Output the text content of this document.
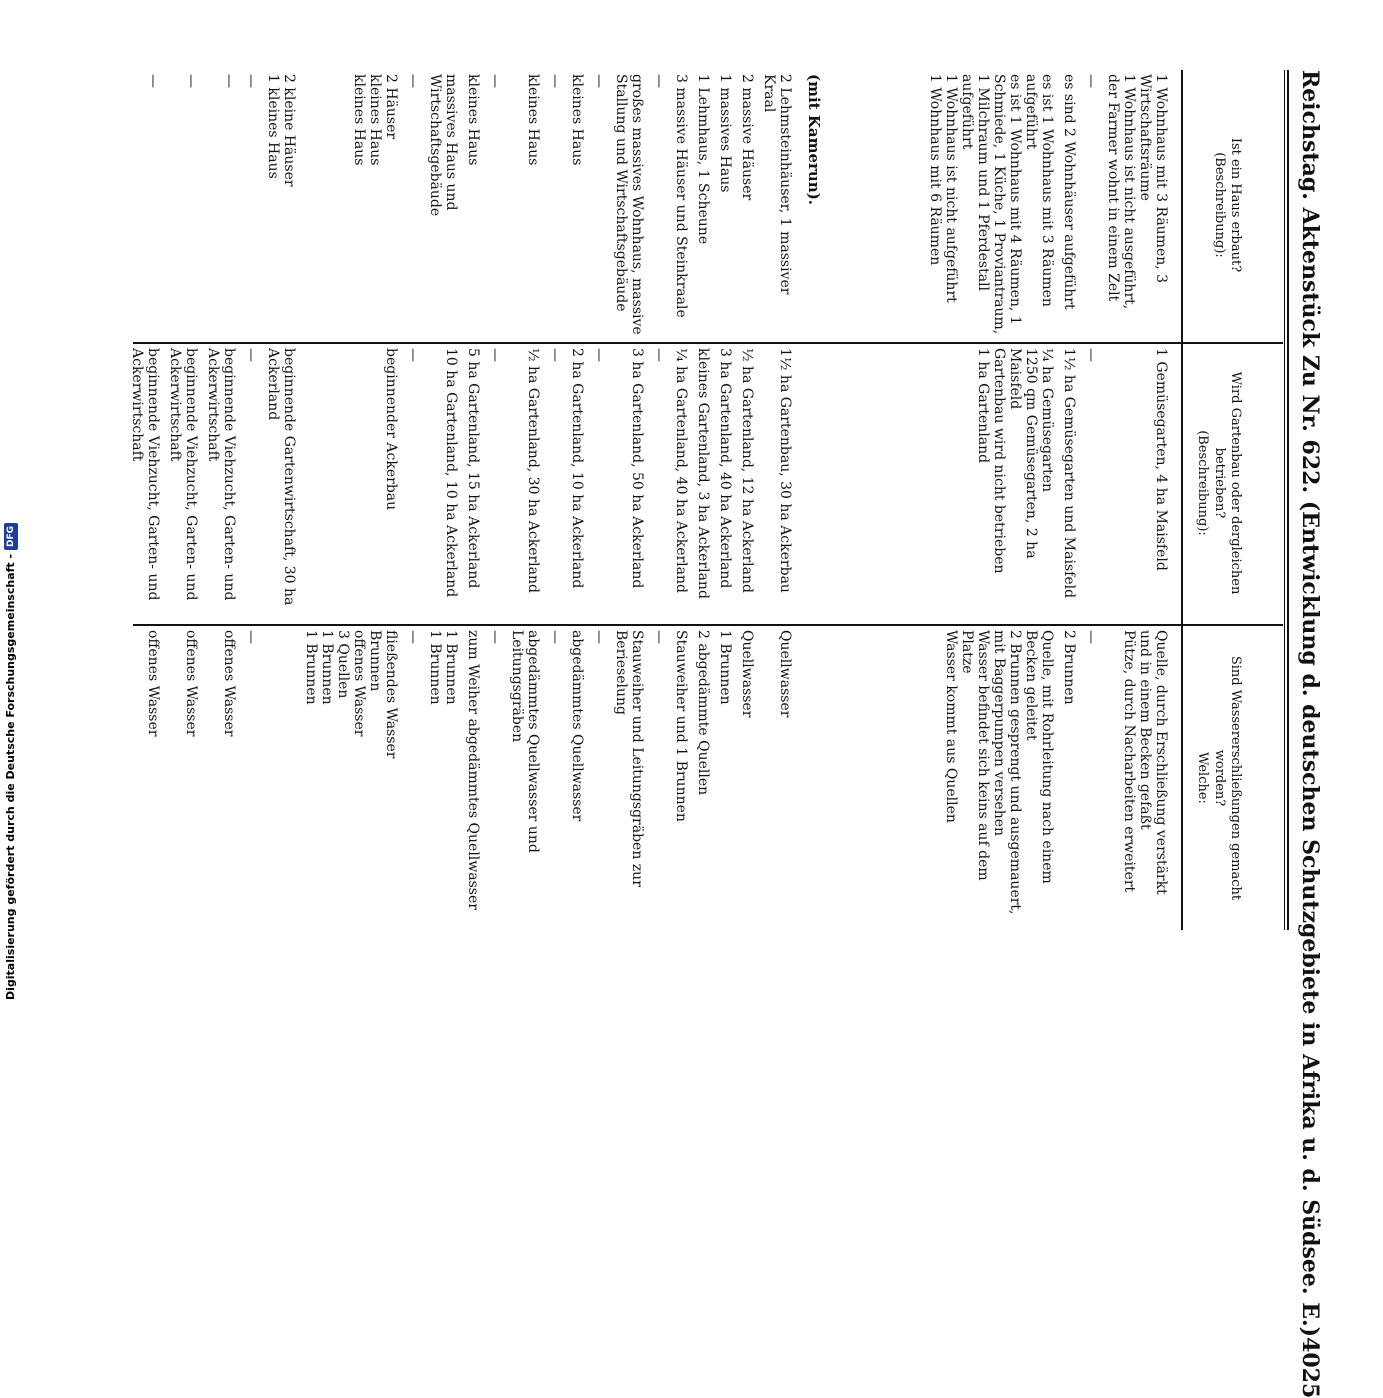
Reichstag. Aktenstück Zu Nr. 622. (Entwicklung d. deutschen Schutzgebiete in Afrika u. d. Südsee. E.)
4025
Ist ein Haus erbaut?
(Beschreibung):
Wird Gartenbau oder dergleichen
betrieben?
(Beschreibung):
Sind Wassererschließungen gemacht worden?
Welche:
1 Wohnhaus mit 3 Räumen, 3 Wirtschaftsräume
1 Wohnhaus ist nicht ausgeführt, der Farmer wohnt in einem Zelt
1 Gemüsegarten, 4 ha Maisfeld
Quelle, durch Erschließung verstärkt und in einem Becken gefaßt
Pütze, durch Nacharbeiten erweitert
—
—
—
es sind 2 Wohnhäuser aufgeführt
1½ ha Gemüsegarten und Maisfeld
2 Brunnen
es ist 1 Wohnhaus mit 3 Räumen aufgeführt
es ist 1 Wohnhaus mit 4 Räumen, 1 Schmiede, 1 Küche, 1 Proviantraum, 1 Milchraum und 1 Pferdestall aufgeführt
1 Wohnhaus ist nicht aufgeführt
1 Wohnhaus mit 6 Räumen
¼ ha Gemüsegarten
1250 qm Gemüsegarten, 2 ha Maisfeld
Gartenbau wird nicht betrieben
1 ha Gartenland
Quelle, mit Rohrleitung nach einem Becken geleitet
2 Brunnen gesprengt und ausgemauert, mit Baggerpumpen versehen
Wasser befindet sich keins auf dem Platze
Wasser kommt aus Quellen
(mit Kamerun).
2 Lehmsteinhäuser, 1 massiver Kraal
1½ ha Gartenbau, 30 ha Ackerbau
Quellwasser
2 massive Häuser
½ ha Gartenland, 12 ha Ackerland
Quellwasser
1 massives Haus
3 ha Gartenland, 40 ha Ackerland
1 Brunnen
1 Lehmhaus, 1 Scheune
kleines Gartenland, 3 ha Ackerland
2 abgedämmte Quellen
3 massive Häuser und Steinkraale
¼ ha Gartenland, 40 ha Ackerland
Stauweiher und 1 Brunnen
—
—
—
großes massives Wohnhaus, massive Stallung und Wirtschaftsgebäude
3 ha Gartenland, 50 ha Ackerland
Stauweiher und Leitungsgräben zur Berieselung
—
—
—
kleines Haus
2 ha Gartenland, 10 ha Ackerland
abgedämmtes Quellwasser
—
—
—
kleines Haus
½ ha Gartenland, 30 ha Ackerland
abgedämmtes Quellwasser und Leitungsgräben
—
—
—
kleines Haus
5 ha Gartenland, 15 ha Ackerland
zum Weiher abgedämmtes Quellwasser
massives Haus und Wirtschaftsgebäude
10 ha Gartenland, 10 ha Ackerland
1 Brunnen
1 Brunnen
—
—
—
2 Häuser
kleines Haus
kleines Haus
beginnender Ackerbau
fließendes Wasser
Brunnen
offenes Wasser
3 Quellen
1 Brunnen
1 Brunnen
2 kleine Häuser
1 kleines Haus
beginnende Gartenwirtschaft, 30 ha Ackerland
—
—
—
—
beginnende Viehzucht, Garten- und Ackerwirtschaft
offenes Wasser
—
beginnende Viehzucht, Garten- und Ackerwirtschaft
offenes Wasser
—
beginnende Viehzucht, Garten- und Ackerwirtschaft
offenes Wasser
Digitalisierung gefördert durch die Deutsche Forschungsgemeinschaft -
DFG
